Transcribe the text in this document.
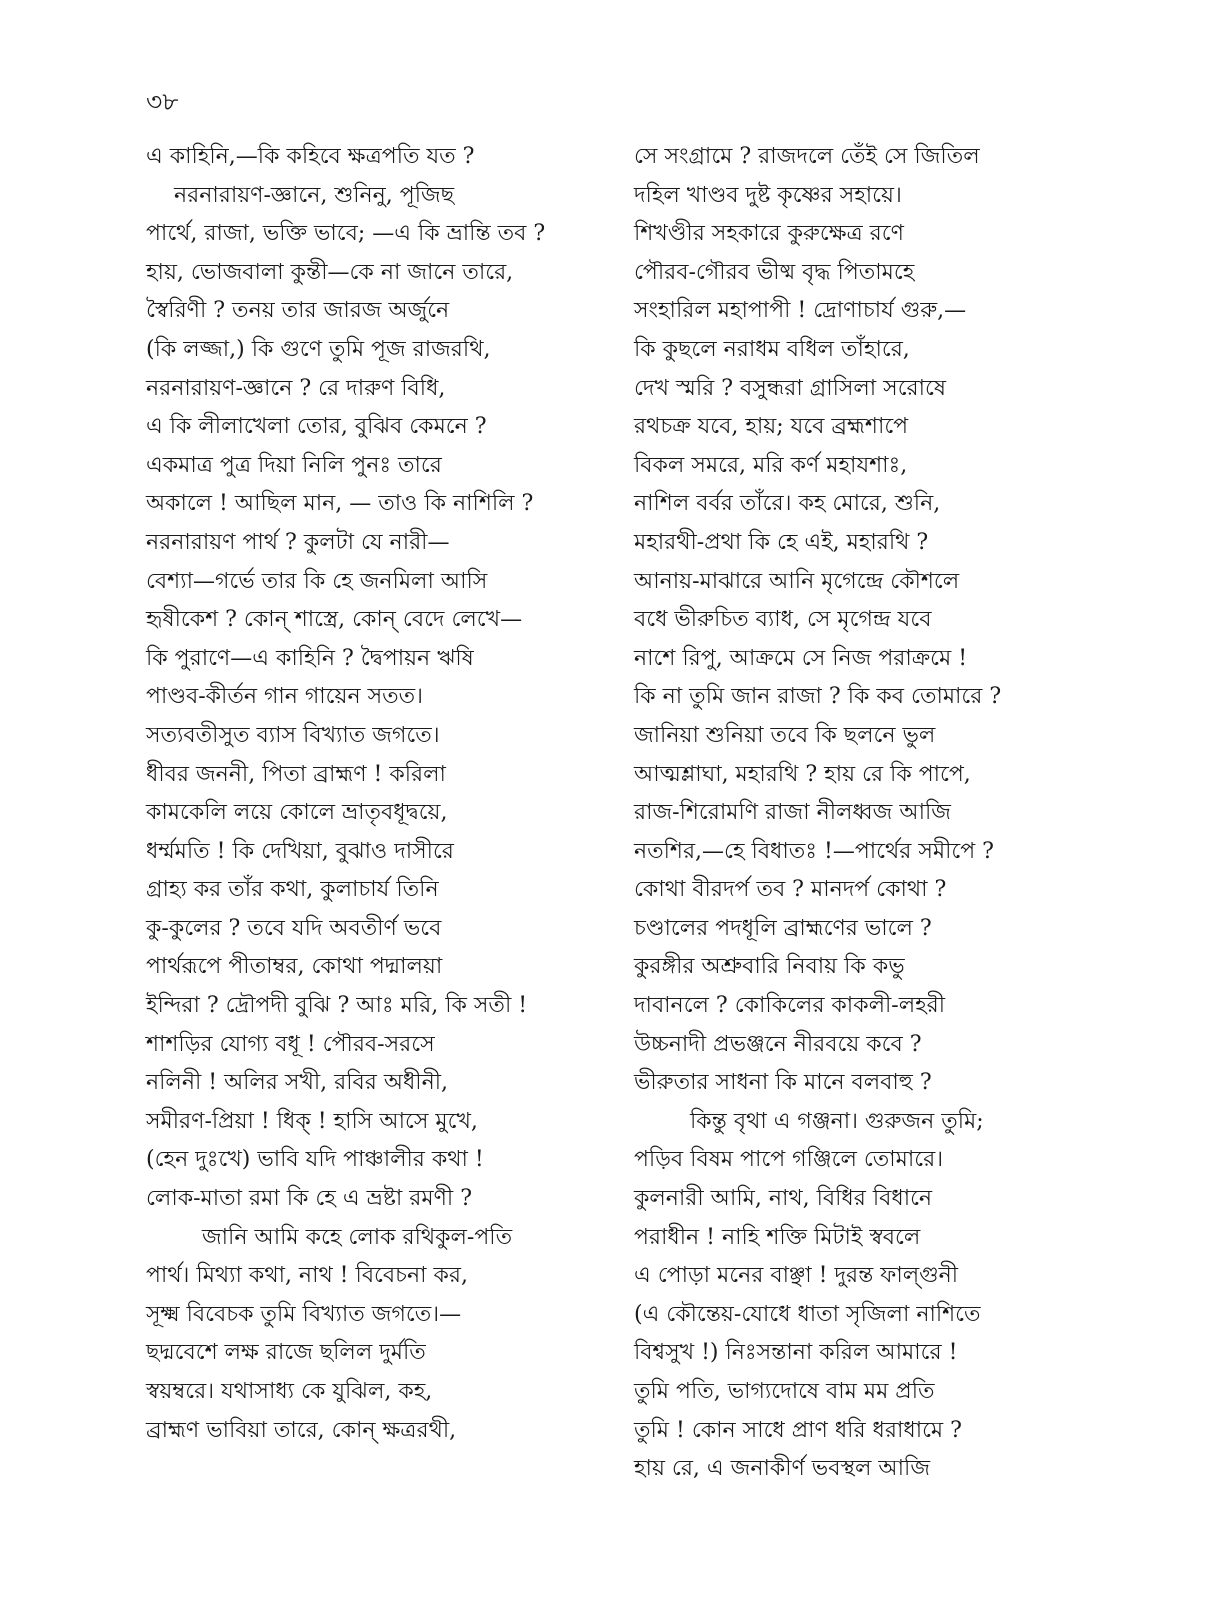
৩৮
এ কাহিনি,—কি কহিবে ক্ষত্রপতি যত ?
নরনারায়ণ-জ্ঞানে, শুনিনু, পূজিছ
পার্থে, রাজা, ভক্তি ভাবে; —এ কি ভ্রান্তি তব ?
হায়, ভোজবালা কুন্তী—কে না জানে তারে,
স্বৈরিণী ? তনয় তার জারজ অর্জুনে
(কি লজ্জা,) কি গুণে তুমি পূজ রাজরথি,
নরনারায়ণ-জ্ঞানে ? রে দারুণ বিধি,
এ কি লীলাখেলা তোর, বুঝিব কেমনে ?
একমাত্র পুত্র দিয়া নিলি পুনঃ তারে
অকালে ! আছিল মান, — তাও কি নাশিলি ?
নরনারায়ণ পার্থ ? কুলটা যে নারী—
বেশ্যা—গর্ভে তার কি হে জনমিলা আসি
হৃষীকেশ ? কোন্ শাস্ত্রে, কোন্ বেদে লেখে—
কি পুরাণে—এ কাহিনি ? দ্বৈপায়ন ঋষি
পাণ্ডব-কীর্তন গান গায়েন সতত।
সত্যবতীসুত ব্যাস বিখ্যাত জগতে।
ধীবর জননী, পিতা ব্রাহ্মণ ! করিলা
কামকেলি লয়ে কোলে ভ্রাতৃবধূদ্বয়ে,
ধর্ম্মমতি ! কি দেখিয়া, বুঝাও দাসীরে
গ্রাহ্য কর তাঁর কথা, কুলাচার্য তিনি
কু-কুলের ? তবে যদি অবতীর্ণ ভবে
পার্থরূপে পীতাম্বর, কোথা পদ্মালয়া
ইন্দিরা ? দ্রৌপদী বুঝি ? আঃ মরি, কি সতী !
শাশড়ির যোগ্য বধূ ! পৌরব-সরসে
নলিনী ! অলির সখী, রবির অধীনী,
সমীরণ-প্রিয়া ! ধিক্ ! হাসি আসে মুখে,
(হেন দুঃখে) ভাবি যদি পাঞ্চালীর কথা !
লোক-মাতা রমা কি হে এ ভ্রষ্টা রমণী ?
জানি আমি কহে লোক রথিকুল-পতি
পার্থ। মিথ্যা কথা, নাথ ! বিবেচনা কর,
সূক্ষ্ম বিবেচক তুমি বিখ্যাত জগতে।—
ছদ্মবেশে লক্ষ রাজে ছলিল দুর্মতি
স্বয়ম্বরে। যথাসাধ্য কে যুঝিল, কহ,
ব্রাহ্মণ ভাবিয়া তারে, কোন্ ক্ষত্ররথী,
সে সংগ্রামে ? রাজদলে তেঁই সে জিতিল
দহিল খাণ্ডব দুষ্ট কৃষ্ণের সহায়ে।
শিখণ্ডীর সহকারে কুরুক্ষেত্র রণে
পৌরব-গৌরব ভীষ্ম বৃদ্ধ পিতামহে
সংহারিল মহাপাপী ! দ্রোণাচার্য গুরু,—
কি কুছলে নরাধম বধিল তাঁহারে,
দেখ স্মরি ? বসুন্ধরা গ্রাসিলা সরোষে
রথচক্র যবে, হায়; যবে ব্রহ্মশাপে
বিকল সমরে, মরি কর্ণ মহাযশাঃ,
নাশিল বর্বর তাঁরে। কহ মোরে, শুনি,
মহারথী-প্রথা কি হে এই, মহারথি ?
আনায়-মাঝারে আনি মৃগেন্দ্রে কৌশলে
বধে ভীরুচিত ব্যাধ, সে মৃগেন্দ্র যবে
নাশে রিপু, আক্রমে সে নিজ পরাক্রমে !
কি না তুমি জান রাজা ? কি কব তোমারে ?
জানিয়া শুনিয়া তবে কি ছলনে ভুল
আত্মশ্লাঘা, মহারথি ? হায় রে কি পাপে,
রাজ-শিরোমণি রাজা নীলধ্বজ আজি
নতশির,—হে বিধাতঃ !—পার্থের সমীপে ?
কোথা বীরদর্প তব ? মানদর্প কোথা ?
চণ্ডালের পদধূলি ব্রাহ্মণের ভালে ?
কুরঙ্গীর অশ্রুবারি নিবায় কি কভু
দাবানলে ? কোকিলের কাকলী-লহরী
উচ্চনাদী প্রভঞ্জনে নীরবয়ে কবে ?
ভীরুতার সাধনা কি মানে বলবাহু ?
কিন্তু বৃথা এ গঞ্জনা। গুরুজন তুমি;
পড়িব বিষম পাপে গঞ্জিলে তোমারে।
কুলনারী আমি, নাথ, বিধির বিধানে
পরাধীন ! নাহি শক্তি মিটাই স্ববলে
এ পোড়া মনের বাঞ্ছা ! দুরন্ত ফাল্গুনী
(এ কৌন্তেয়-যোধে ধাতা সৃজিলা নাশিতে
বিশ্বসুখ !) নিঃসন্তানা করিল আমারে !
তুমি পতি, ভাগ্যদোষে বাম মম প্রতি
তুমি ! কোন সাধে প্রাণ ধরি ধরাধামে ?
হায় রে, এ জনাকীর্ণ ভবস্থল আজি
